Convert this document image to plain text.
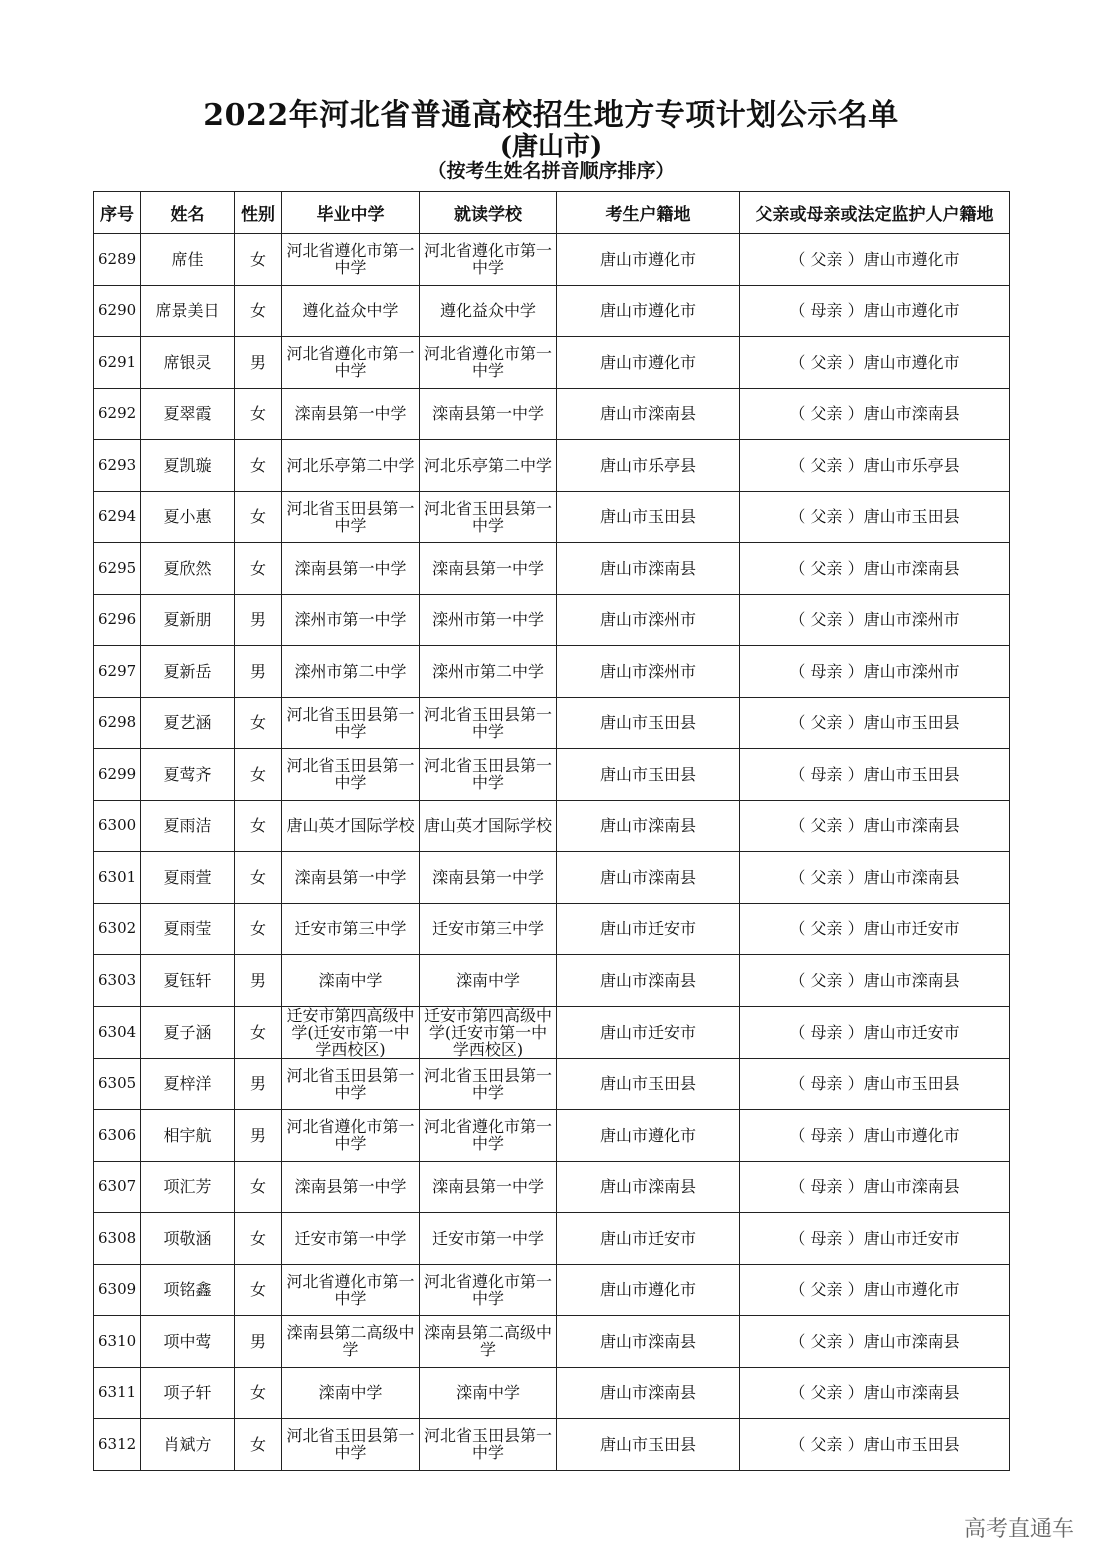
2022年河北省普通高校招生地方专项计划公示名单
(唐山市)
（按考生姓名拼音顺序排序）
序号	姓名	性别	毕业中学	就读学校	考生户籍地	父亲或母亲或法定监护人户籍地
6289	席佳	女	河北省遵化市第一中学	河北省遵化市第一中学	唐山市遵化市	（ 父亲 ）唐山市遵化市
6290	席景美日	女	遵化益众中学	遵化益众中学	唐山市遵化市	（ 母亲 ）唐山市遵化市
6291	席银灵	男	河北省遵化市第一中学	河北省遵化市第一中学	唐山市遵化市	（ 父亲 ）唐山市遵化市
6292	夏翠霞	女	滦南县第一中学	滦南县第一中学	唐山市滦南县	（ 父亲 ）唐山市滦南县
6293	夏凯璇	女	河北乐亭第二中学	河北乐亭第二中学	唐山市乐亭县	（ 父亲 ）唐山市乐亭县
6294	夏小惠	女	河北省玉田县第一中学	河北省玉田县第一中学	唐山市玉田县	（ 父亲 ）唐山市玉田县
6295	夏欣然	女	滦南县第一中学	滦南县第一中学	唐山市滦南县	（ 父亲 ）唐山市滦南县
6296	夏新朋	男	滦州市第一中学	滦州市第一中学	唐山市滦州市	（ 父亲 ）唐山市滦州市
6297	夏新岳	男	滦州市第二中学	滦州市第二中学	唐山市滦州市	（ 母亲 ）唐山市滦州市
6298	夏艺涵	女	河北省玉田县第一中学	河北省玉田县第一中学	唐山市玉田县	（ 父亲 ）唐山市玉田县
6299	夏莺齐	女	河北省玉田县第一中学	河北省玉田县第一中学	唐山市玉田县	（ 母亲 ）唐山市玉田县
6300	夏雨洁	女	唐山英才国际学校	唐山英才国际学校	唐山市滦南县	（ 父亲 ）唐山市滦南县
6301	夏雨萱	女	滦南县第一中学	滦南县第一中学	唐山市滦南县	（ 父亲 ）唐山市滦南县
6302	夏雨莹	女	迁安市第三中学	迁安市第三中学	唐山市迁安市	（ 父亲 ）唐山市迁安市
6303	夏钰轩	男	滦南中学	滦南中学	唐山市滦南县	（ 父亲 ）唐山市滦南县
6304	夏子涵	女	迁安市第四高级中学(迁安市第一中学西校区)	迁安市第四高级中学(迁安市第一中学西校区)	唐山市迁安市	（ 母亲 ）唐山市迁安市
6305	夏梓洋	男	河北省玉田县第一中学	河北省玉田县第一中学	唐山市玉田县	（ 母亲 ）唐山市玉田县
6306	相宇航	男	河北省遵化市第一中学	河北省遵化市第一中学	唐山市遵化市	（ 母亲 ）唐山市遵化市
6307	项汇芳	女	滦南县第一中学	滦南县第一中学	唐山市滦南县	（ 母亲 ）唐山市滦南县
6308	项敬涵	女	迁安市第一中学	迁安市第一中学	唐山市迁安市	（ 母亲 ）唐山市迁安市
6309	项铭鑫	女	河北省遵化市第一中学	河北省遵化市第一中学	唐山市遵化市	（ 父亲 ）唐山市遵化市
6310	项中莺	男	滦南县第二高级中学	滦南县第二高级中学	唐山市滦南县	（ 父亲 ）唐山市滦南县
6311	项子轩	女	滦南中学	滦南中学	唐山市滦南县	（ 父亲 ）唐山市滦南县
6312	肖斌方	女	河北省玉田县第一中学	河北省玉田县第一中学	唐山市玉田县	（ 父亲 ）唐山市玉田县
高考直通车
